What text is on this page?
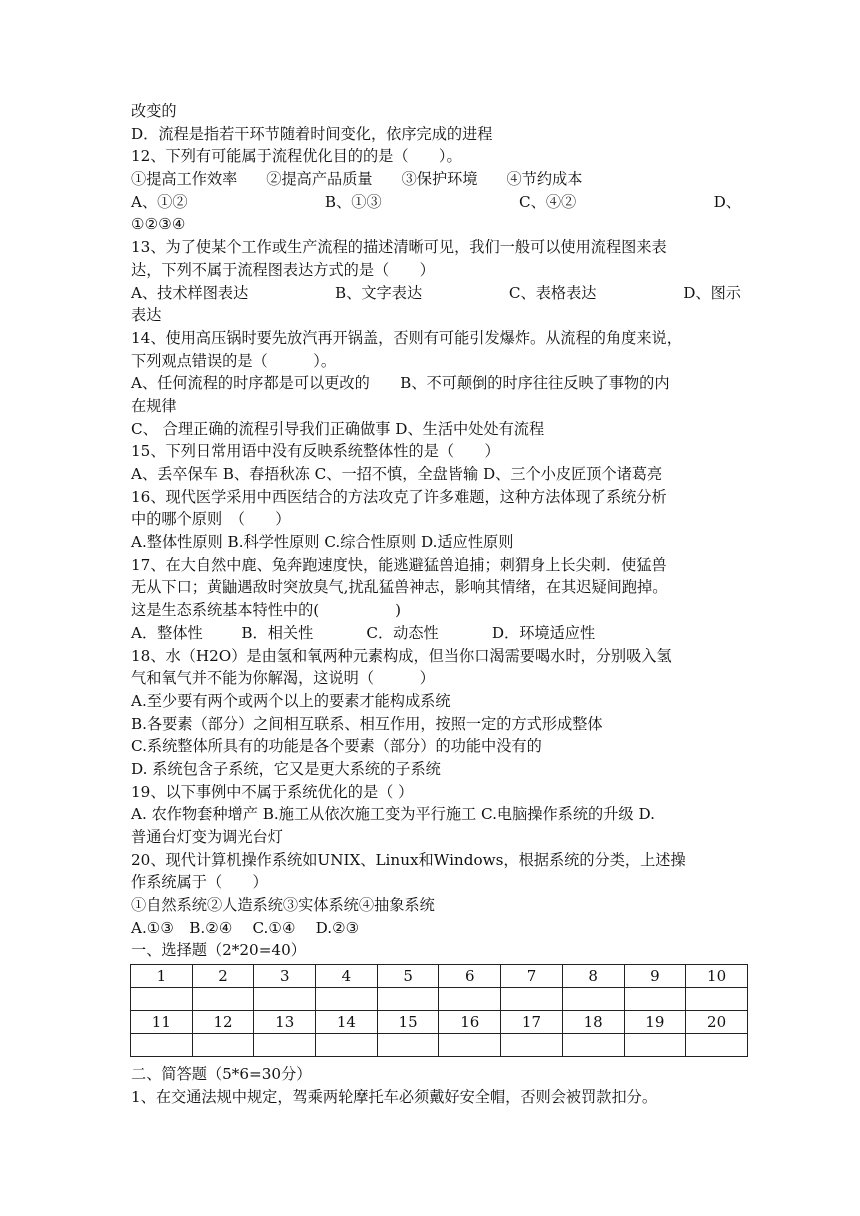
改变的
D．流程是指若干环节随着时间变化，依序完成的进程
12、下列有可能属于流程优化目的的是（　　）。
①提高工作效率 ②提高产品质量 ③保护环境 ④节约成本
A、①②	B、①③	C、④②	D、
①②③④
13、为了使某个工作或生产流程的描述清晰可见，我们一般可以使用流程图来表
达，下列不属于流程图表达方式的是（　　）
A、技术样图表达	B、文字表达	C、表格表达	D、图示
表达
14、使用高压锅时要先放汽再开锅盖，否则有可能引发爆炸。从流程的角度来说，
下列观点错误的是（　　　）。
A、任何流程的时序都是可以更改的　　B、不可颠倒的时序往往反映了事物的内
在规律
C、 合理正确的流程引导我们正确做事 D、生活中处处有流程
15、下列日常用语中没有反映系统整体性的是（　　）
A、丢卒保车 B、春捂秋冻 C、一招不慎，全盘皆输 D、三个小皮匠顶个诸葛亮
16、现代医学采用中西医结合的方法攻克了许多难题，这种方法体现了系统分析
中的哪个原则　（　　）
A.整体性原则 B.科学性原则 C.综合性原则 D.适应性原则
17、在大自然中鹿、兔奔跑速度快，能逃避猛兽追捕；刺猬身上长尖刺．使猛兽
无从下口；黄鼬遇敌时突放臭气,扰乱猛兽神志，影响其情绪，在其迟疑间跑掉。
这是生态系统基本特性中的(　　　　　)
A．整体性	B．相关性	C．动态性	D．环境适应性
18、水（H2O）是由氢和氧两种元素构成，但当你口渴需要喝水时，分别吸入氢
气和氧气并不能为你解渴，这说明（　　　）
A.至少要有两个或两个以上的要素才能构成系统
B.各要素（部分）之间相互联系、相互作用，按照一定的方式形成整体
C.系统整体所具有的功能是各个要素（部分）的功能中没有的
D. 系统包含子系统，它又是更大系统的子系统
19、以下事例中不属于系统优化的是（ ）
A. 农作物套种增产 B.施工从依次施工变为平行施工 C.电脑操作系统的升级 D.
普通台灯变为调光台灯
20、现代计算机操作系统如UNIX、Linux和Windows，根据系统的分类，上述操
作系统属于（　　）
①自然系统②人造系统③实体系统④抽象系统
A.①③　B.②④　 C.①④　 D.②③
一、选择题（2*20=40）
1	2	3	4	5	6	7	8	9	10

11	12	13	14	15	16	17	18	19	20

二、简答题（5*6=30分）
1、在交通法规中规定，驾乘两轮摩托车必须戴好安全帽，否则会被罚款扣分。
